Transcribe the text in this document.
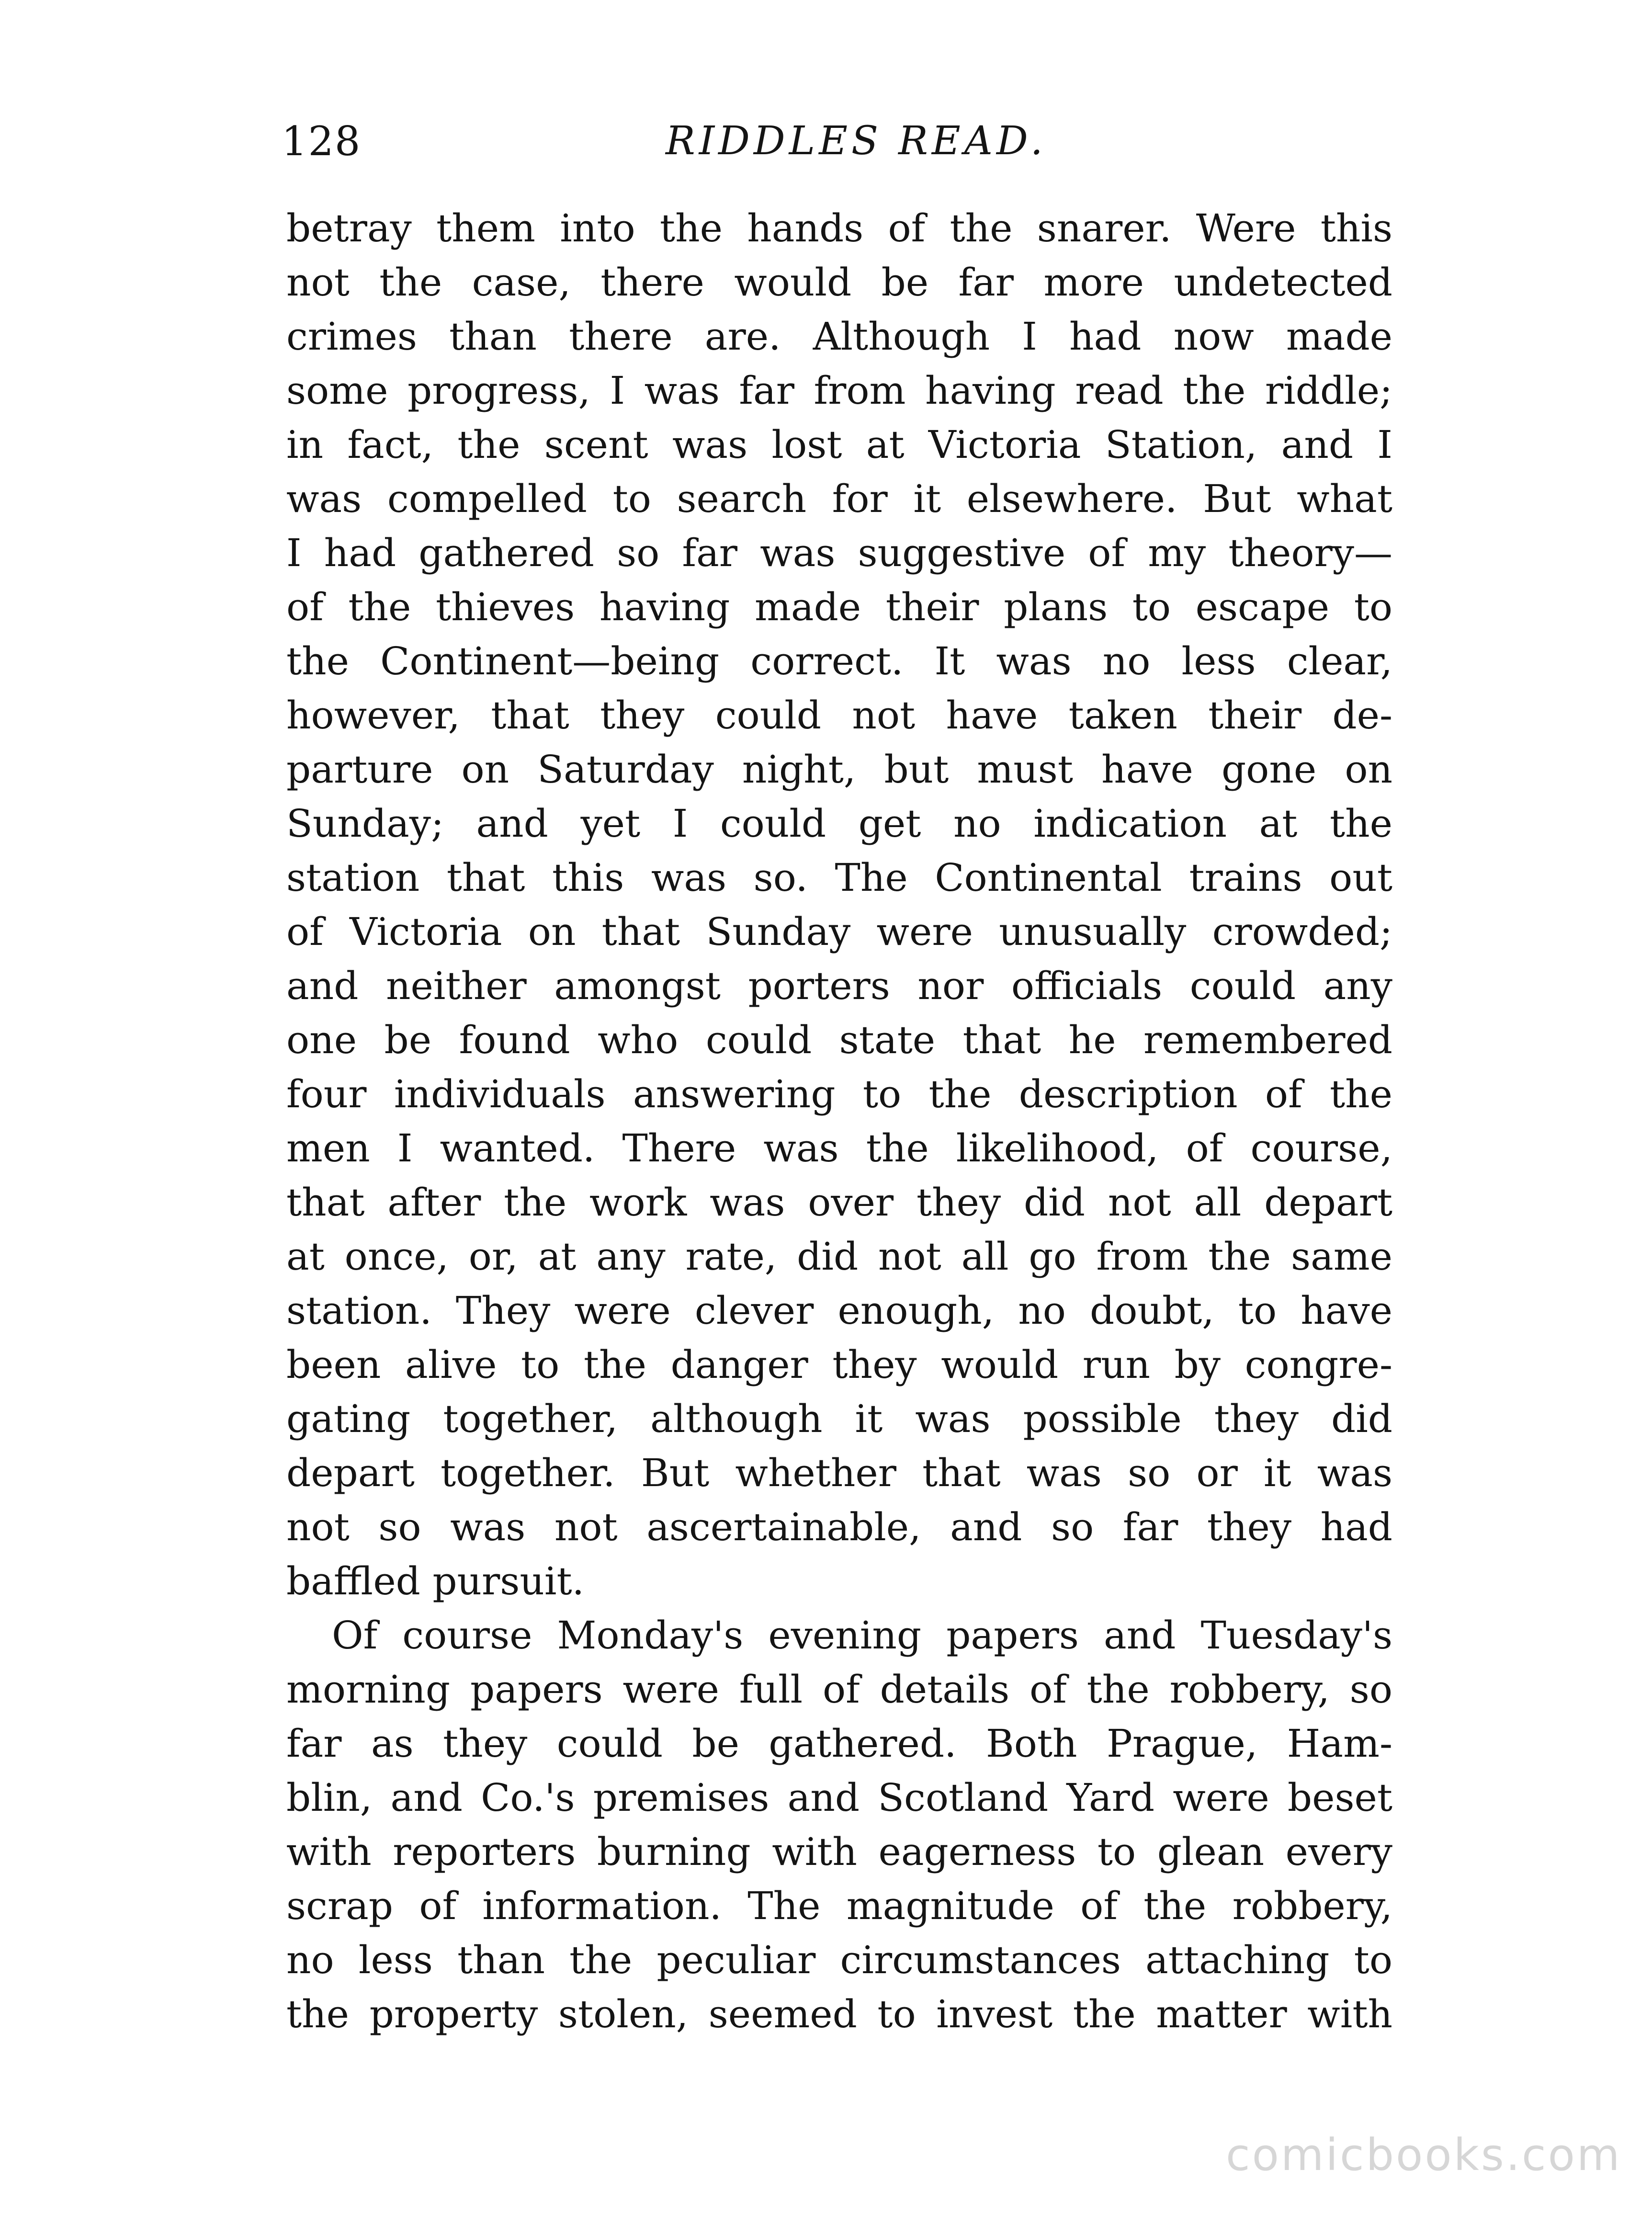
128	RIDDLES READ.
betray them into the hands of the snarer. Were this
not the case, there would be far more undetected
crimes than there are. Although I had now made
some progress, I was far from having read the riddle;
in fact, the scent was lost at Victoria Station, and I
was compelled to search for it elsewhere. But what
I had gathered so far was suggestive of my theory—
of the thieves having made their plans to escape to
the Continent—being correct. It was no less clear,
however, that they could not have taken their de-
parture on Saturday night, but must have gone on
Sunday; and yet I could get no indication at the
station that this was so. The Continental trains out
of Victoria on that Sunday were unusually crowded;
and neither amongst porters nor officials could any
one be found who could state that he remembered
four individuals answering to the description of the
men I wanted. There was the likelihood, of course,
that after the work was over they did not all depart
at once, or, at any rate, did not all go from the same
station. They were clever enough, no doubt, to have
been alive to the danger they would run by congre-
gating together, although it was possible they did
depart together. But whether that was so or it was
not so was not ascertainable, and so far they had
baffled pursuit.
Of course Monday's evening papers and Tuesday's
morning papers were full of details of the robbery, so
far as they could be gathered. Both Prague, Ham-
blin, and Co.'s premises and Scotland Yard were beset
with reporters burning with eagerness to glean every
scrap of information. The magnitude of the robbery,
no less than the peculiar circumstances attaching to
the property stolen, seemed to invest the matter with
comicbooks.com
